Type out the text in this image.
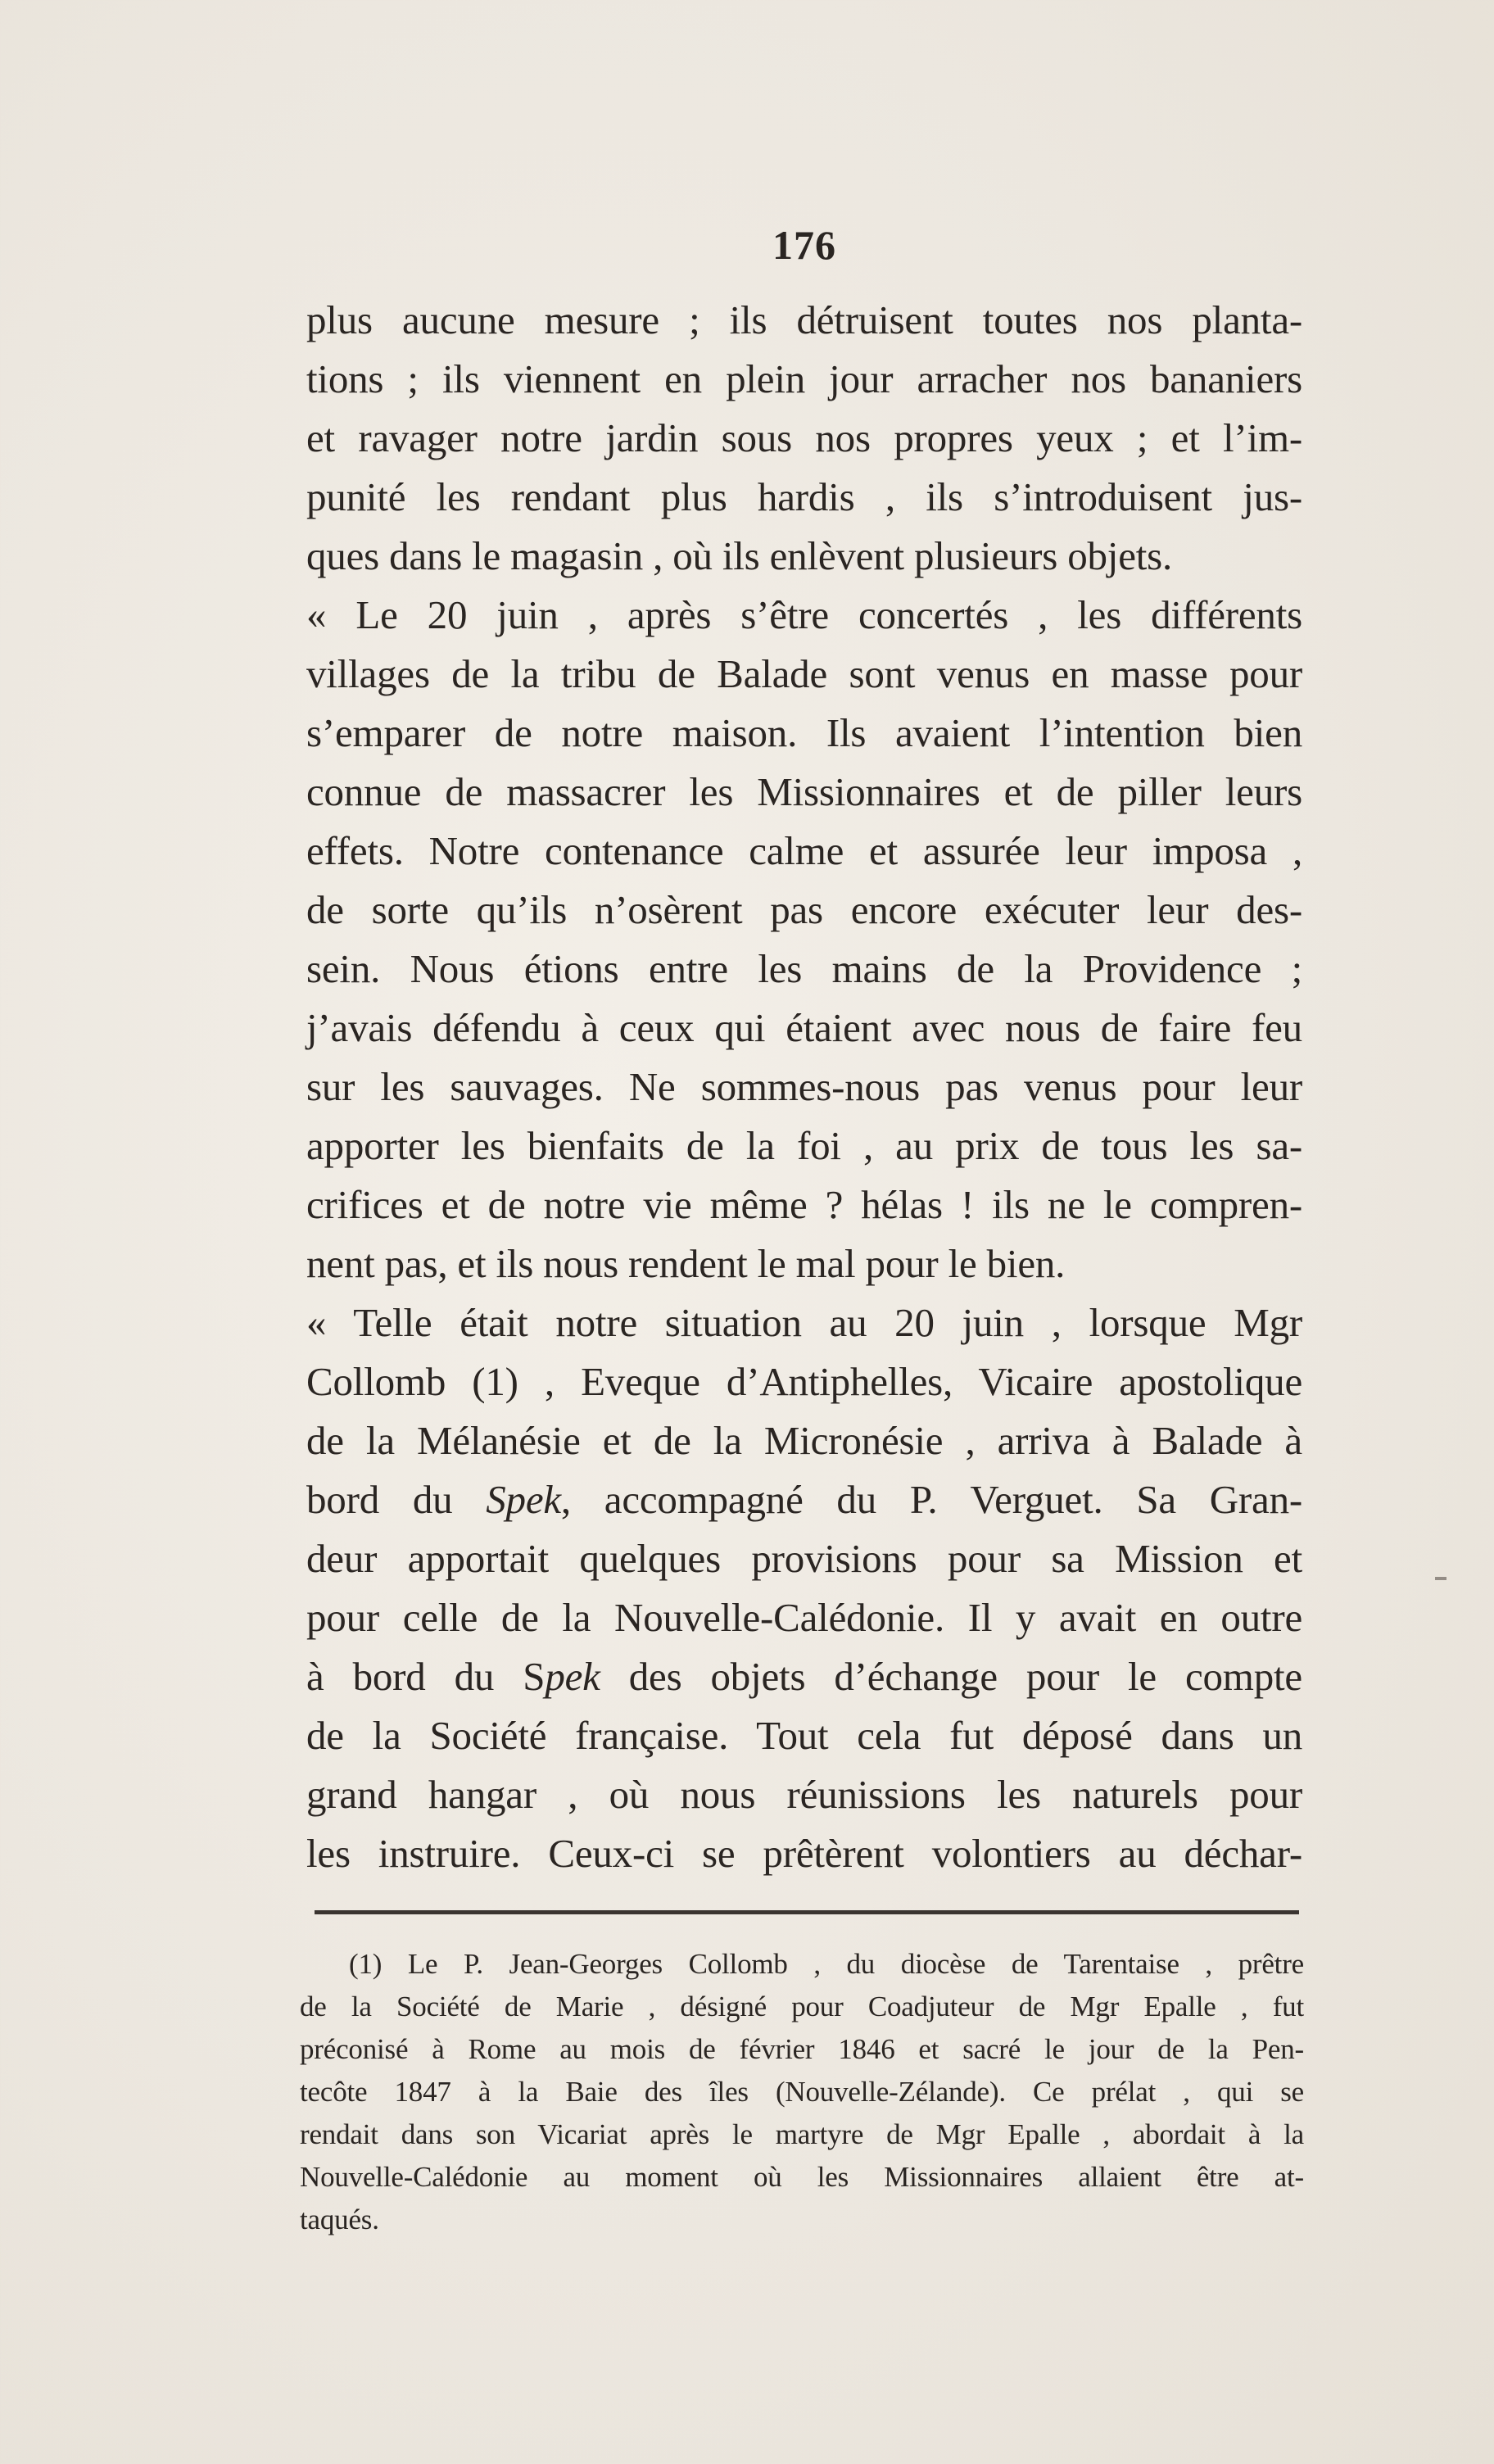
176
plus aucune mesure ; ils détruisent toutes nos planta-
tions ; ils viennent en plein jour arracher nos bananiers
et ravager notre jardin sous nos propres yeux ; et l’im-
punité les rendant plus hardis , ils s’introduisent jus-
ques dans le magasin , où ils enlèvent plusieurs objets.
« Le 20 juin , après s’être concertés , les différents
villages de la tribu de Balade sont venus en masse pour
s’emparer de notre maison. Ils avaient l’intention bien
connue de massacrer les Missionnaires et de piller leurs
effets. Notre contenance calme et assurée leur imposa ,
de sorte qu’ils n’osèrent pas encore exécuter leur des-
sein. Nous étions entre les mains de la Providence ;
j’avais défendu à ceux qui étaient avec nous de faire feu
sur les sauvages. Ne sommes-nous pas venus pour leur
apporter les bienfaits de la foi , au prix de tous les sa-
crifices et de notre vie même ? hélas ! ils ne le compren-
nent pas, et ils nous rendent le mal pour le bien.
« Telle était notre situation au 20 juin , lorsque Mgr
Collomb (1) , Eveque d’Antiphelles, Vicaire apostolique
de la Mélanésie et de la Micronésie , arriva à Balade à
bord du Spek, accompagné du P. Verguet. Sa Gran-
deur apportait quelques provisions pour sa Mission et
pour celle de la Nouvelle-Calédonie. Il y avait en outre
à bord du Spek des objets d’échange pour le compte
de la Société française. Tout cela fut déposé dans un
grand hangar , où nous réunissions les naturels pour
les instruire. Ceux-ci se prêtèrent volontiers au déchar-
(1) Le P. Jean-Georges Collomb , du diocèse de Tarentaise , prêtre
de la Société de Marie , désigné pour Coadjuteur de Mgr Epalle , fut
préconisé à Rome au mois de février 1846 et sacré le jour de la Pen-
tecôte 1847 à la Baie des îles (Nouvelle-Zélande). Ce prélat , qui se
rendait dans son Vicariat après le martyre de Mgr Epalle , abordait à la
Nouvelle-Calédonie au moment où les Missionnaires allaient être at-
taqués.
